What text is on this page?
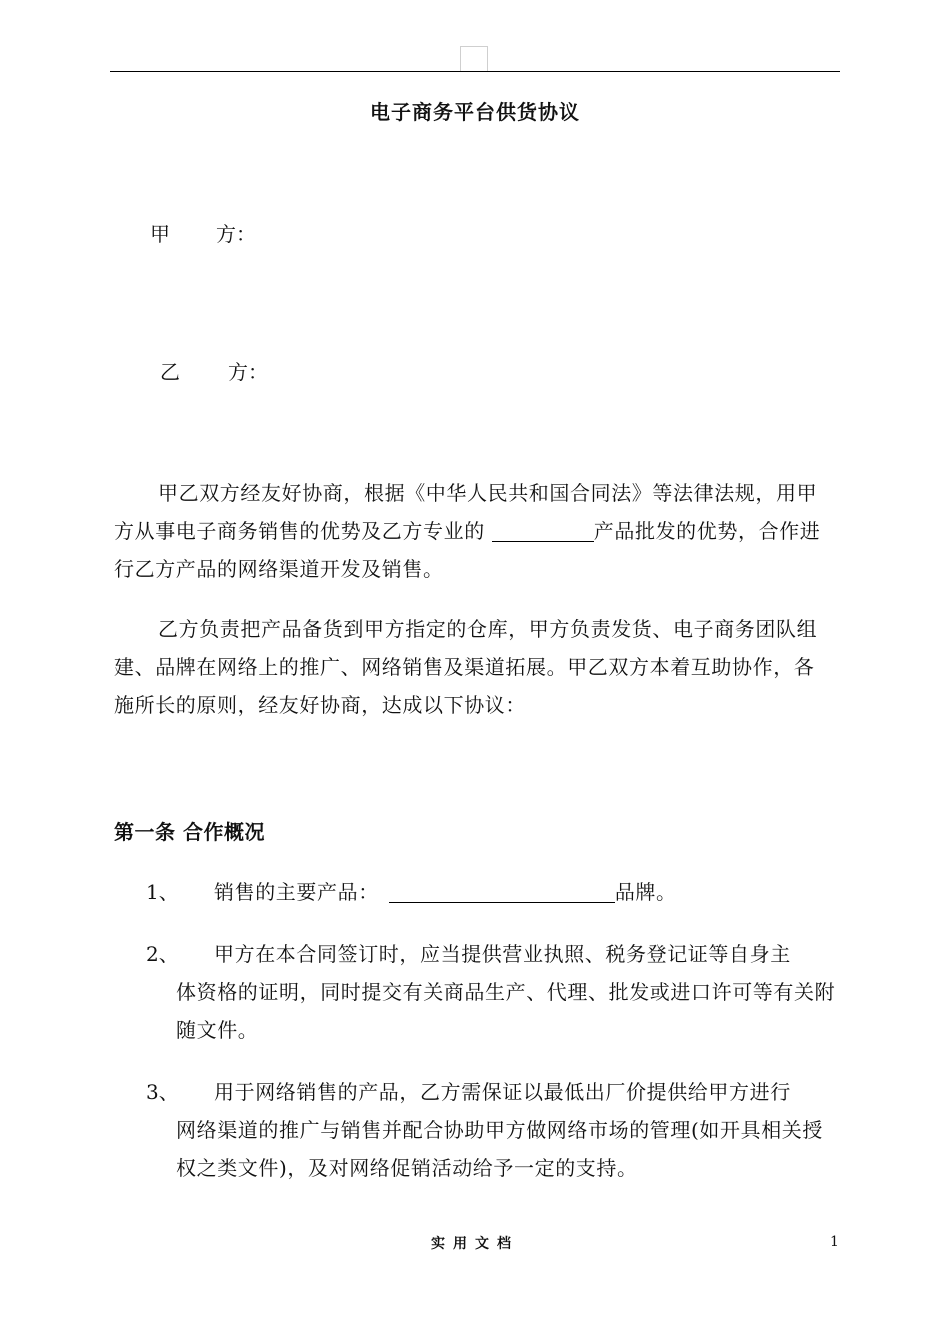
电子商务平台供货协议
甲 方：
乙 方：

甲乙双方经友好协商，根据《中华人民共和国合同法》等法律法规，用甲方从事电子商务销售的优势及乙方专业的	产品批发的优势，合作进行乙方产品的网络渠道开发及销售。

乙方负责把产品备货到甲方指定的仓库，甲方负责发货、电子商务团队组建、品牌在网络上的推广、网络销售及渠道拓展。甲乙双方本着互助协作，各施所长的原则，经友好协商，达成以下协议：

第一条 合作概况
1、	销售的主要产品：	品牌。

2、	甲方在本合同签订时，应当提供营业执照、税务登记证等自身主

体资格的证明，同时提交有关商品生产、代理、批发或进口许可等有关附随文件。

3、	用于网络销售的产品，乙方需保证以最低出厂价提供给甲方进行

网络渠道的推广与销售并配合协助甲方做网络市场的管理(如开具相关授权之类文件)，及对网络促销活动给予一定的支持。

实用文档	1
